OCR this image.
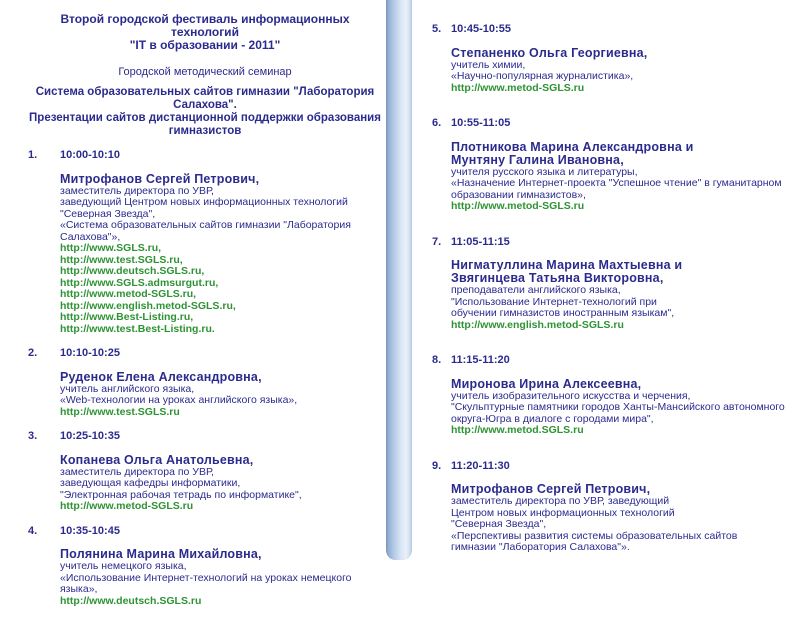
Второй городской фестиваль информационных технологий
"IT в образовании - 2011"
Городской методический семинар
Система образовательных сайтов гимназии "Лаборатория Салахова".
Презентации сайтов дистанционной поддержки образования гимназистов
1. 10:00-10:10
Митрофанов Сергей Петрович,
заместитель директора по УВР,
заведующий Центром новых информационных технологий
"Северная Звезда",
«Система образовательных сайтов гимназии "Лаборатория Салахова"»,
http://www.SGLS.ru,
http://www.test.SGLS.ru,
http://www.deutsch.SGLS.ru,
http://www.SGLS.admsurgut.ru,
http://www.metod-SGLS.ru,
http://www.english.metod-SGLS.ru,
http://www.Best-Listing.ru,
http://www.test.Best-Listing.ru.
2. 10:10-10:25
Руденок Елена Александровна,
учитель английского языка,
«Web-технологии на уроках английского языка»,
http://www.test.SGLS.ru
3. 10:25-10:35
Копанева Ольга Анатольевна,
заместитель директора по УВР,
заведующая кафедры информатики,
"Электронная рабочая тетрадь по информатике",
http://www.metod-SGLS.ru
4. 10:35-10:45
Полянина Марина Михайловна,
учитель немецкого языка,
«Использование Интернет-технологий на уроках немецкого языка»,
http://www.deutsch.SGLS.ru
5. 10:45-10:55
Степаненко Ольга Георгиевна,
учитель химии,
«Научно-популярная журналистика»,
http://www.metod-SGLS.ru
6. 10:55-11:05
Плотникова Марина Александровна и
Мунтяну Галина Ивановна,
учителя русского языка и литературы,
«Назначение Интернет-проекта "Успешное чтение" в гуманитарном
образовании гимназистов»,
http://www.metod-SGLS.ru
7. 11:05-11:15
Нигматуллина Марина Махтыевна и
Звягинцева Татьяна Викторовна,
преподаватели английского языка,
"Использование Интернет-технологий при
обучении гимназистов иностранным языкам",
http://www.english.metod-SGLS.ru
8. 11:15-11:20
Миронова Ирина Алексеевна,
учитель изобразительного искусства и черчения,
"Скульптурные памятники городов Ханты-Мансийского автономного
округа-Югра в диалоге с городами мира",
http://www.metod.SGLS.ru
9. 11:20-11:30
Митрофанов Сергей Петрович,
заместитель директора по УВР, заведующий
Центром новых информационных технологий
"Северная Звезда",
«Перспективы развития системы образовательных сайтов
гимназии "Лаборатория Салахова"».
